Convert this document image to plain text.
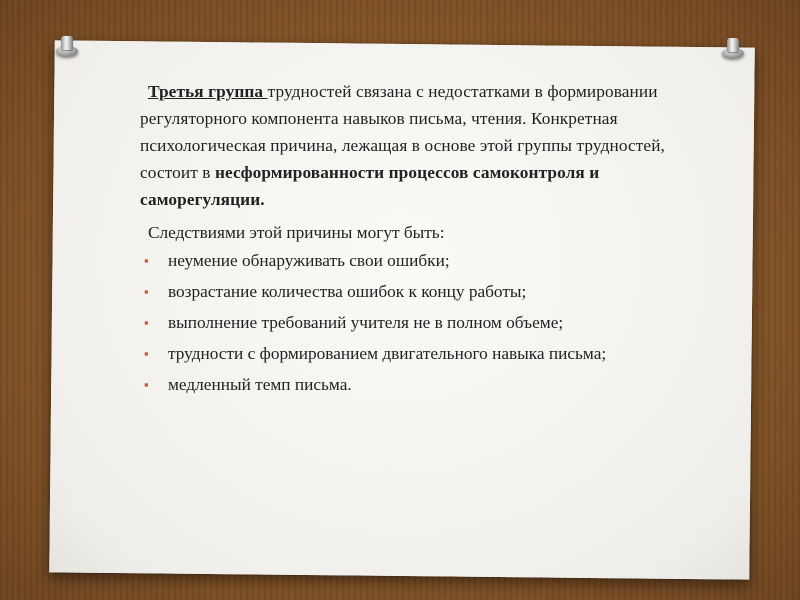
Третья группа трудностей связана с недостатками в формировании регуляторного компонента навыков письма, чтения. Конкретная психологическая причина, лежащая в основе этой группы трудностей, состоит в несформированности процессов самоконтроля и саморегуляции.

Следствиями этой причины могут быть:

▪ неумение обнаруживать свои ошибки;
▪ возрастание количества ошибок к концу работы;
▪ выполнение требований учителя не в полном объеме;
▪ трудности с формированием двигательного навыка письма;
▪ медленный темп письма.
